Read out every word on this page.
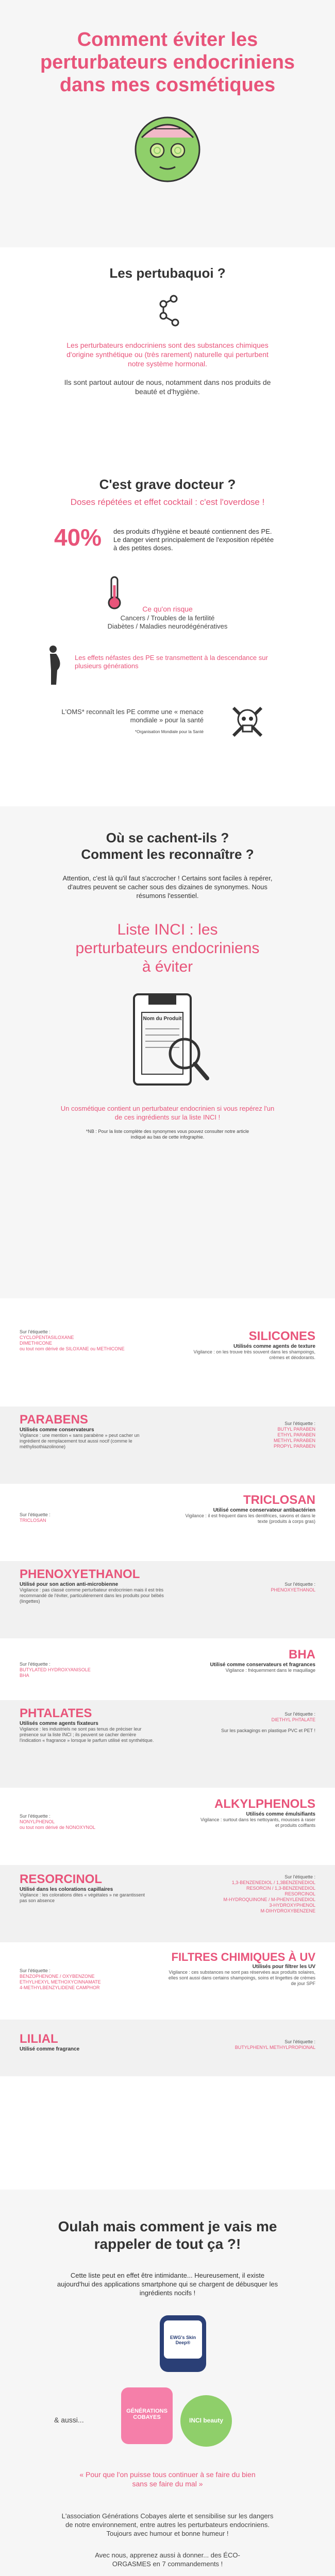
Comment éviter les perturbateurs endocriniens dans mes cosmétiques
Les pertubaquoi ?

Les perturbateurs endocriniens sont des substances chimiques d'origine synthétique ou (très rarement) naturelle qui perturbent notre système hormonal.

Ils sont partout autour de nous, notamment dans nos produits de beauté et d'hygiène.

C'est grave docteur ?

Doses répétées et effet cocktail : c'est l'overdose !

40% des produits d'hygiène et beauté contiennent des PE. Le danger vient principalement de l'exposition répétée à des petites doses.

Ce qu'on risque

Cancers / Troubles de la fertilité
Diabètes / Maladies neurodégénératives

Les effets néfastes des PE se transmettent à la descendance sur plusieurs générations

L'OMS* reconnaît les PE comme une « menace mondiale » pour la santé

*Organisation Mondiale pour la Santé

Où se cachent-ils ?
Comment les reconnaître ?

Attention, c'est là qu'il faut s'accrocher ! Certains sont faciles à repérer, d'autres peuvent se cacher sous des dizaines de synonymes. Nous résumons l'essentiel.

Liste INCI : les perturbateurs endocriniens à éviter
Nom du Produit

Un cosmétique contient un perturbateur endocrinien si vous repérez l'un de ces ingrédients sur la liste INCI !

*NB : Pour la liste complète des synonymes vous pouvez consulter notre article indiqué au bas de cette infographie.

Sur l'étiquette :

CYCLOPENTASILOXANE
DIMETHICONE
ou tout nom dérivé de SILOXANE ou METHICONE

SILICONES

Utilisés comme agents de texture

Vigilance : on les trouve très souvent dans les shampoings, crèmes et déodorants.

PARABENS

Utilisés comme conservateurs

Vigilance : une mention « sans parabène » peut cacher un ingrédient de remplacement tout aussi nocif (comme le méthylisothiazolinone)

Sur l'étiquette :

BUTYL PARABEN
ETHYL PARABEN
METHYL PARABEN
PROPYL PARABEN

Sur l'étiquette :

TRICLOSAN

TRICLOSAN

Utilisé comme conservateur antibactérien

Vigilance : il est fréquent dans les dentifrices, savons et dans le texte (produits à corps gras)

PHENOXYETHANOL

Utilisé pour son action anti-microbienne

Vigilance : pas classé comme perturbateur endocrinien mais il est très recommandé de l'éviter, particulièrement dans les produits pour bébés (lingettes)

Sur l'étiquette :

PHENOXYETHANOL

Sur l'étiquette :

BUTYLATED HYDROXYANISOLE
BHA

BHA

Utilisé comme conservateurs et fragrances

Vigilance : fréquemment dans le maquillage

PHTALATES

Utilisés comme agents fixateurs

Vigilance : les industriels ne sont pas tenus de préciser leur présence sur la liste INCI ; ils peuvent se cacher derrière l'indication « fragrance » lorsque le parfum utilisé est synthétique.

Sur l'étiquette :

DIETHYL PHTALATE

Sur les packagings en plastique PVC et PET !

Sur l'étiquette :

NONYLPHENOL
ou tout nom dérivé de NONOXYNOL

ALKYLPHENOLS

Utilisés comme émulsifiants

Vigilance : surtout dans les nettoyants, mousses à raser et produits coiffants

RESORCINOL

Utilisé dans les colorations capillaires

Vigilance : les colorations dites « végétales » ne garantissent pas son absence

Sur l'étiquette :

1,3-BENZENEDIOL / 1,3BENZENEDIOL
RESORCIN / 1,3-BENZENEDIOL
RESORCINOL
M-HYDROQUINONE / M-PHENYLENEDIOL
3-HYDROXYPHENOL
M-DIHYDROXYBENZENE

Sur l'étiquette :

BENZOPHENONE / OXYBENZONE
ETHYLHEXYL METHOXYCINNAMATE
4-METHYLBENZYLIDENE CAMPHOR

FILTRES CHIMIQUES À UV

Utilisés pour filtrer les UV

Vigilance : ces substances ne sont pas réservées aux produits solaires, elles sont aussi dans certains shampoings, soins et lingettes de crèmes de jour SPF

LILIAL

Utilisé comme fragrance

Sur l'étiquette :

BUTYLPHENYL METHYLPROPIONAL

Oulah mais comment je vais me rappeler de tout ça ?!

Cette liste peut en effet être intimidante... Heureusement, il existe aujourd'hui des applications smartphone qui se chargent de débusquer les ingrédients nocifs !

EWG's Skin Deep®

& aussi...

GÉNÉRATIONS COBAYES	INCI beauty

« Pour que l'on puisse tous continuer à se faire du bien sans se faire du mal »

L'association Générations Cobayes alerte et sensibilise sur les dangers de notre environnement, entre autres les perturbateurs endocriniens. Toujours avec humour et bonne humeur !

Avec nous, apprenez aussi à donner... des ÉCO-ORGASMES en 7 commandements !
